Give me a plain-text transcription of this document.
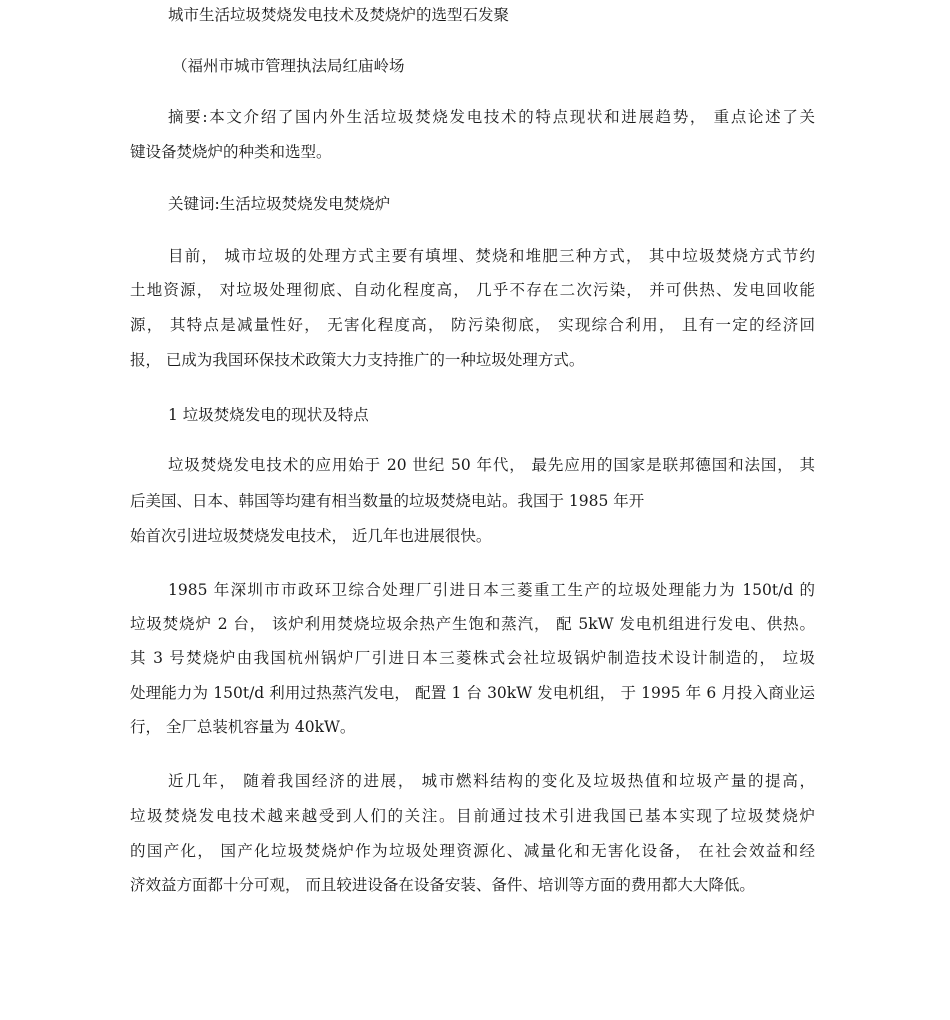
城市生活垃圾焚烧发电技术及焚烧炉的选型石发聚
（福州市城市管理执法局红庙岭场
摘要:本文介绍了国内外生活垃圾焚烧发电技术的特点现状和进展趋势， 重点论述了关
键设备焚烧炉的种类和选型。
关键词:生活垃圾焚烧发电焚烧炉
目前， 城市垃圾的处理方式主要有填埋、焚烧和堆肥三种方式， 其中垃圾焚烧方式节约
土地资源， 对垃圾处理彻底、自动化程度高， 几乎不存在二次污染， 并可供热、发电回收能
源， 其特点是减量性好， 无害化程度高， 防污染彻底， 实现综合利用， 且有一定的经济回
报， 已成为我国环保技术政策大力支持推广的一种垃圾处理方式。
1 垃圾焚烧发电的现状及特点
垃圾焚烧发电技术的应用始于 20 世纪 50 年代， 最先应用的国家是联邦德国和法国， 其
后美国、日本、韩国等均建有相当数量的垃圾焚烧电站。我国于 1985 年开
始首次引进垃圾焚烧发电技术， 近几年也进展很快。
1985 年深圳市市政环卫综合处理厂引进日本三菱重工生产的垃圾处理能力为 150t/d 的
垃圾焚烧炉 2 台， 该炉利用焚烧垃圾余热产生饱和蒸汽， 配 5kW 发电机组进行发电、供热。
其 3 号焚烧炉由我国杭州锅炉厂引进日本三菱株式会社垃圾锅炉制造技术设计制造的， 垃圾
处理能力为 150t/d 利用过热蒸汽发电， 配置 1 台 30kW 发电机组， 于 1995 年 6 月投入商业运
行， 全厂总装机容量为 40kW。
近几年， 随着我国经济的进展， 城市燃料结构的变化及垃圾热值和垃圾产量的提高，
垃圾焚烧发电技术越来越受到人们的关注。目前通过技术引进我国已基本实现了垃圾焚烧炉
的国产化， 国产化垃圾焚烧炉作为垃圾处理资源化、减量化和无害化设备， 在社会效益和经
济效益方面都十分可观， 而且较进设备在设备安装、备件、培训等方面的费用都大大降低。
